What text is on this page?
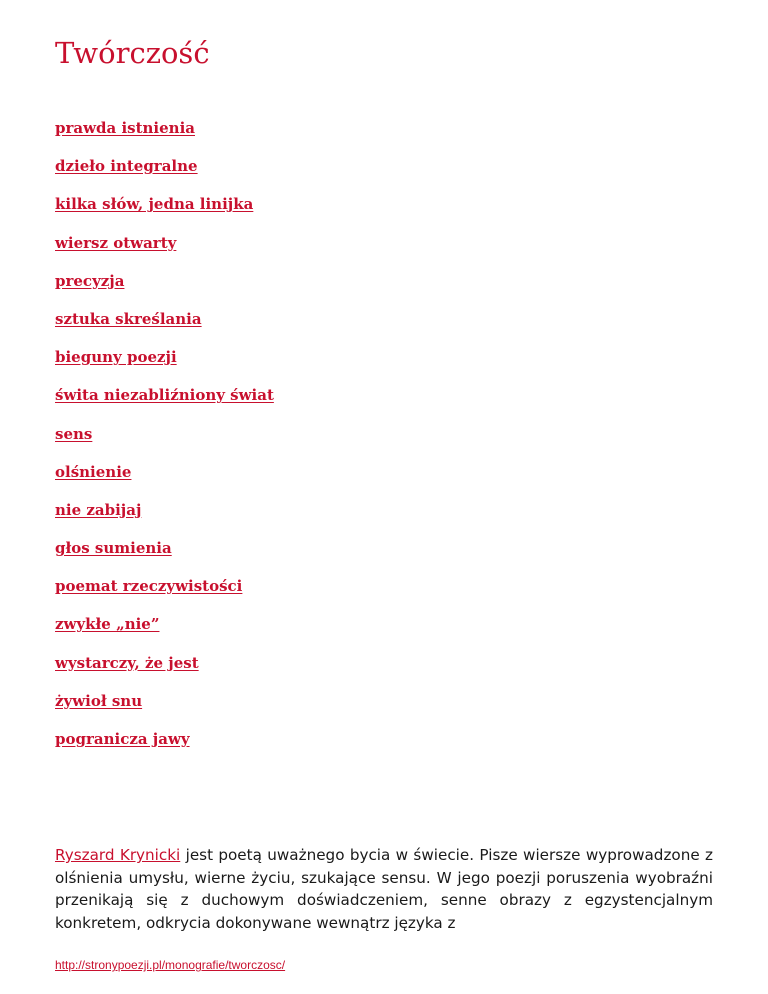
Twórczość
prawda istnienia
dzieło integralne
kilka słów, jedna linijka
wiersz otwarty
precyzja
sztuka skreślania
bieguny poezji
świta niezabliźniony świat
sens
olśnienie
nie zabijaj
głos sumienia
poemat rzeczywistości
zwykłe „nie”
wystarczy, że jest
żywioł snu
pogranicza jawy

Ryszard Krynicki jest poetą uważnego bycia w świecie. Pisze wiersze wyprowadzone z olśnienia umysłu, wierne życiu, szukające sensu. W jego poezji poruszenia wyobraźni przenikają się z duchowym doświadczeniem, senne obrazy z egzystencjalnym konkretem, odkrycia dokonywane wewnątrz języka z

http://stronypoezji.pl/monografie/tworczosc/
